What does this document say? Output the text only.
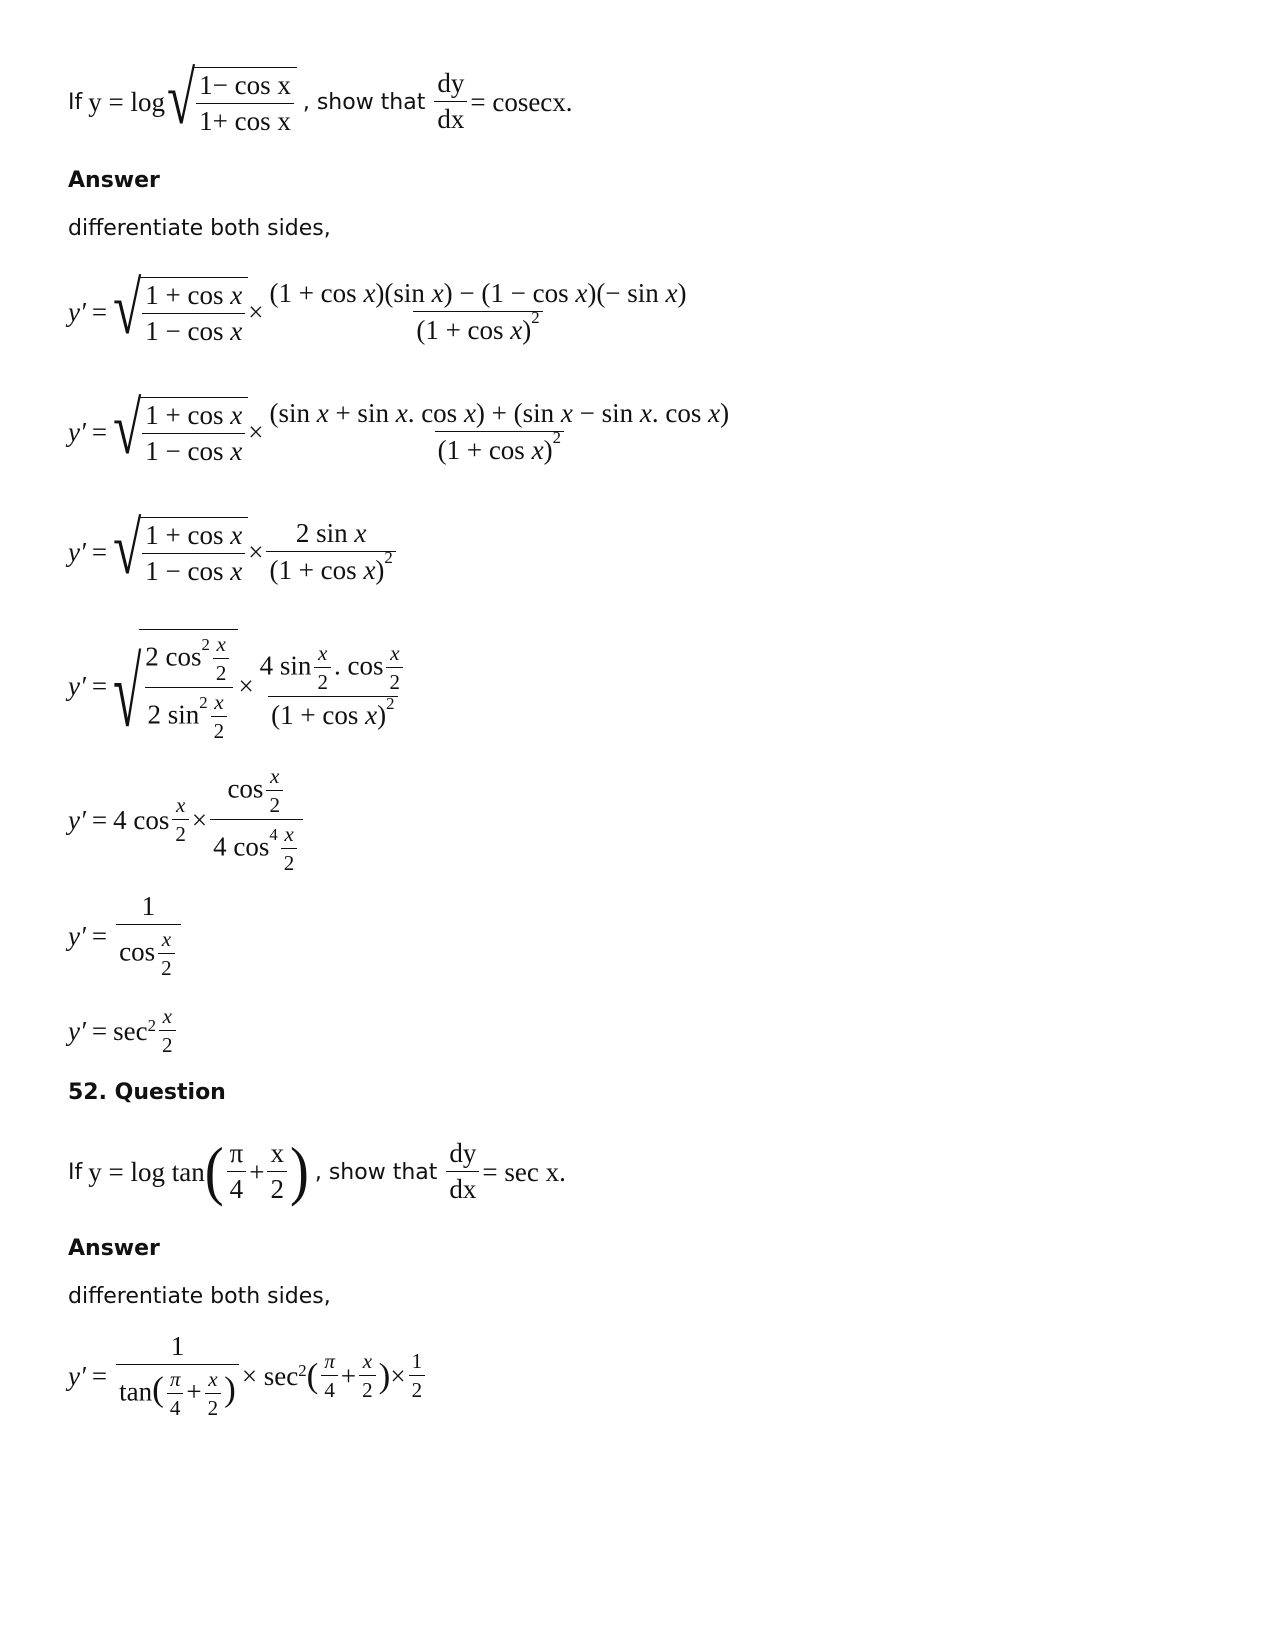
If y = log √ $\frac{\text{1− cos x}}{\text{1+ cos x}}$ , show that $\frac{dy}{dx} = cosecx$.
Answer
differentiate both sides,
y′ = √ $\frac{\text{1 + cos x}}{\text{1 − cos x}} \times \frac{\text{(1 + cos x)(sin x) − (1 − cos x)(− sin x)}}{(1 + \cos x)^2}$
y′ = √ $\frac{\text{1 + cos x}}{\text{1 − cos x}} \times \frac{\text{(sin x + sin x. cos x) + (sin x − sin x. cos x)}}{(1 + \cos x)^2}$
y′ = √ $\frac{\text{1 + cos x}}{\text{1 − cos x}} \times \frac{\text{2 sin x}}{(1 + \cos x)^2}$
y′ = √ $\frac{2 \cos^2 \frac{x}{2}}{2 \sin^2 \frac{x}{2}} \times \frac{4 \sin \frac{x}{2} . \cos \frac{x}{2}}{(1 + \cos x)^2}$
y′ = 4 $\cos \frac{x}{2} \times \frac{\cos \frac{x}{2}}{4 \cos^4 \frac{x}{2}}$
$y' = \frac{1}{\cos \frac{x}{2}}$
$y' = \sec 2 \frac{x}{2}$
52. Question
If y = log tan ( $\frac{\pi}{4} + \frac{x}{2}$ ) , show that $\frac{dy}{dx} = \sec x$.
Answer
differentiate both sides,
$y' = \frac{1}{\tan( \frac{\pi}{4} + \frac{x}{2} )} \times \sec 2$ ( $\frac{\pi}{4} + \frac{x}{2}$ ) × $\frac{1}{2}$
